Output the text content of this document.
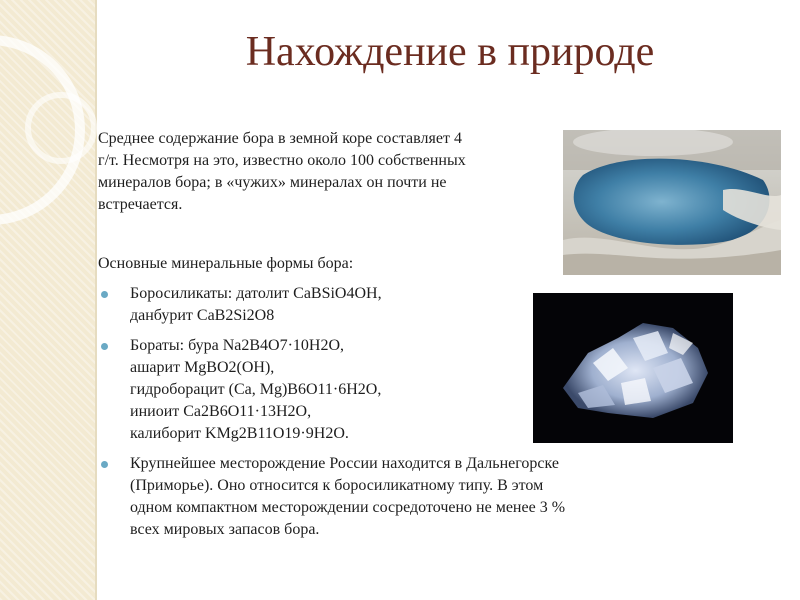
Нахождение в природе

Среднее содержание бора в земной коре составляет 4
г/т. Несмотря на это, известно около 100 собственных
минералов бора; в «чужих» минералах он почти не
встречается.

Основные минеральные формы бора:

Боросиликаты: датолит CaBSiO4OH,
данбурит CaB2Si2O8
Бораты: бура Na2B4O7·10H2O,
ашарит MgBO2(OH),
гидроборацит (Ca, Mg)B6O11·6H2O,
иниоит Ca2B6O11·13H2O,
калиборит KMg2B11O19·9H2O.
Крупнейшее месторождение России находится в Дальнегорске
(Приморье). Оно относится к боросиликатному типу. В этом
одном компактном месторождении сосредоточено не менее 3 %
всех мировых запасов бора.
